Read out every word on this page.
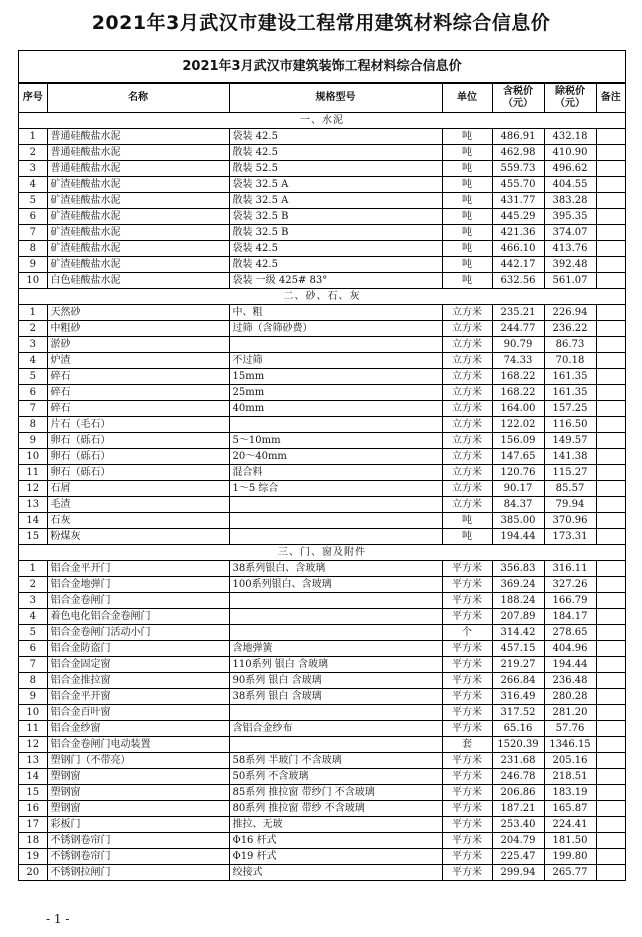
2021年3月武汉市建设工程常用建筑材料综合信息价
2021年3月武汉市建筑装饰工程材料综合信息价
序号	名称	规格型号	单位	含税价（元）	除税价（元）	备注
一、水泥						
1	普通硅酸盐水泥	袋装 42.5	吨	486.91	432.18	
2	普通硅酸盐水泥	散装 42.5	吨	462.98	410.90	
3	普通硅酸盐水泥	散装 52.5	吨	559.73	496.62	
4	矿渣硅酸盐水泥	袋装 32.5 A	吨	455.70	404.55	
5	矿渣硅酸盐水泥	散装 32.5 A	吨	431.77	383.28	
6	矿渣硅酸盐水泥	袋装 32.5 B	吨	445.29	395.35	
7	矿渣硅酸盐水泥	散装 32.5 B	吨	421.36	374.07	
8	矿渣硅酸盐水泥	袋装 42.5	吨	466.10	413.76	
9	矿渣硅酸盐水泥	散装 42.5	吨	442.17	392.48	
10	白色硅酸盐水泥	袋装 一级 425# 83°	吨	632.56	561.07	
二、砂、石、灰						
1	天然砂	中、粗	立方米	235.21	226.94	
2	中粗砂	过筛（含筛砂费）	立方米	244.77	236.22	
3	淤砂		立方米	90.79	86.73	
4	炉渣	不过筛	立方米	74.33	70.18	
5	碎石	15mm	立方米	168.22	161.35	
6	碎石	25mm	立方米	168.22	161.35	
7	碎石	40mm	立方米	164.00	157.25	
8	片石（毛石）		立方米	122.02	116.50	
9	卵石（砾石）	5～10mm	立方米	156.09	149.57	
10	卵石（砾石）	20～40mm	立方米	147.65	141.38	
11	卵石（砾石）	混合料	立方米	120.76	115.27	
12	石屑	1～5 综合	立方米	90.17	85.57	
13	毛渣		立方米	84.37	79.94	
14	石灰		吨	385.00	370.96	
15	粉煤灰		吨	194.44	173.31	
三、门、窗及附件						
1	铝合金平开门	38系列银白、含玻璃	平方米	356.83	316.11	
2	铝合金地弹门	100系列银白、含玻璃	平方米	369.24	327.26	
3	铝合金卷闸门		平方米	188.24	166.79	
4	着色电化铝合金卷闸门		平方米	207.89	184.17	
5	铝合金卷闸门活动小门		个	314.42	278.65	
6	铝合金防盗门	含地弹簧	平方米	457.15	404.96	
7	铝合金固定窗	110系列 银白 含玻璃	平方米	219.27	194.44	
8	铝合金推拉窗	90系列 银白 含玻璃	平方米	266.84	236.48	
9	铝合金平开窗	38系列 银白 含玻璃	平方米	316.49	280.28	
10	铝合金百叶窗		平方米	317.52	281.20	
11	铝合金纱窗	含铝合金纱布	平方米	65.16	57.76	
12	铝合金卷闸门电动装置		套	1520.39	1346.15	
13	塑钢门（不带亮）	58系列 半玻门 不含玻璃	平方米	231.68	205.16	
14	塑钢窗	50系列 不含玻璃	平方米	246.78	218.51	
15	塑钢窗	85系列 推拉窗 带纱门 不含玻璃	平方米	206.86	183.19	
16	塑钢窗	80系列 推拉窗 带纱 不含玻璃	平方米	187.21	165.87	
17	彩板门	推拉、无玻	平方米	253.40	224.41	
18	不锈钢卷帘门	Φ16 杆式	平方米	204.79	181.50	
19	不锈钢卷帘门	Φ19 杆式	平方米	225.47	199.80	
20	不锈钢拉闸门	绞接式	平方米	299.94	265.77	
- 1 -
